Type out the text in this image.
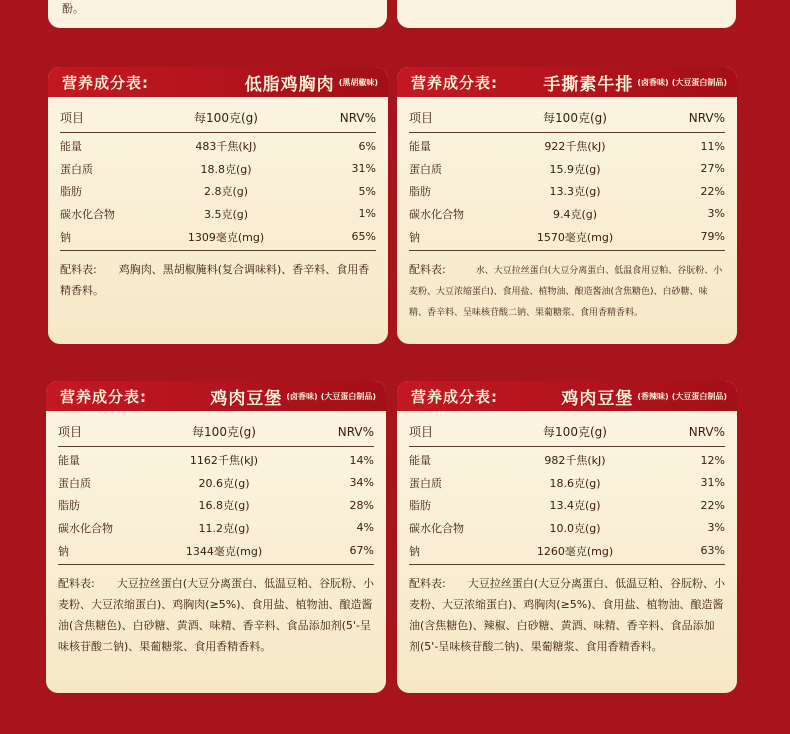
酚。
营养成分表:	低脂鸡胸肉 (黑胡椒味)
项目	每100克(g)	NRV%
能量	483千焦(kJ)	6%
蛋白质	18.8克(g)	31%
脂肪	2.8克(g)	5%
碳水化合物	3.5克(g)	1%
钠	1309毫克(mg)	65%
配料表: 鸡胸肉、黑胡椒腌料(复合调味料)、香辛料、食用香精香料。
营养成分表:	手撕素牛排 (卤香味) (大豆蛋白制品)
项目	每100克(g)	NRV%
能量	922千焦(kJ)	11%
蛋白质	15.9克(g)	27%
脂肪	13.3克(g)	22%
碳水化合物	9.4克(g)	3%
钠	1570毫克(mg)	79%
配料表:	水、大豆拉丝蛋白(大豆分离蛋白、低温食用豆粕、谷朊粉、小麦粉、大豆浓缩蛋白)、食用盐、植物油、酿造酱油(含焦糖色)、白砂糖、味精、香辛料、呈味核苷酸二钠、果葡糖浆、食用香精香料。
营养成分表:	鸡肉豆堡 (卤香味) (大豆蛋白制品)
项目	每100克(g)	NRV%
能量	1162千焦(kJ)	14%
蛋白质	20.6克(g)	34%
脂肪	16.8克(g)	28%
碳水化合物	11.2克(g)	4%
钠	1344毫克(mg)	67%
配料表: 大豆拉丝蛋白(大豆分离蛋白、低温豆粕、谷朊粉、小麦粉、大豆浓缩蛋白)、鸡胸肉(≥5%)、食用盐、植物油、酿造酱油(含焦糖色)、白砂糖、黄酒、味精、香辛料、食品添加剂(5'-呈味核苷酸二钠)、果葡糖浆、食用香精香料。
营养成分表:	鸡肉豆堡 (香辣味) (大豆蛋白制品)
项目	每100克(g)	NRV%
能量	982千焦(kJ)	12%
蛋白质	18.6克(g)	31%
脂肪	13.4克(g)	22%
碳水化合物	10.0克(g)	3%
钠	1260毫克(mg)	63%
配料表: 大豆拉丝蛋白(大豆分离蛋白、低温豆粕、谷朊粉、小麦粉、大豆浓缩蛋白)、鸡胸肉(≥5%)、食用盐、植物油、酿造酱油(含焦糖色)、辣椒、白砂糖、黄酒、味精、香辛料、食品添加剂(5'-呈味核苷酸二钠)、果葡糖浆、食用香精香料。
